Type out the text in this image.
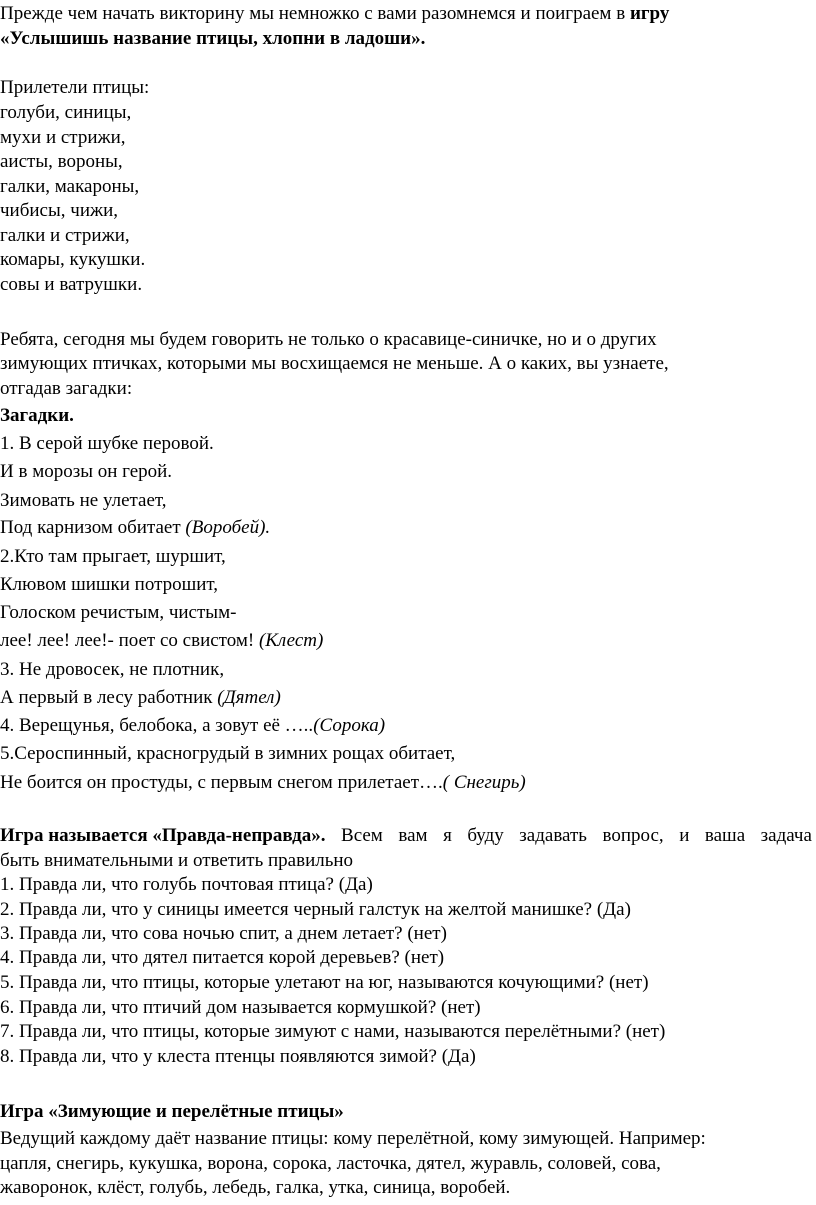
Прежде чем начать викторину мы немножко с вами разомнемся и поиграем в игру
«Услышишь название птицы, хлопни в ладоши».
Прилетели птицы:
голуби, синицы,
мухи и стрижи,
аисты, вороны,
галки, макароны,
чибисы, чижи,
галки и стрижи,
комары, кукушки.
совы и ватрушки.
Ребята, сегодня мы будем говорить не только о красавице-синичке, но и о других
зимующих птичках, которыми мы восхищаемся не меньше. А о каких, вы узнаете,
отгадав загадки:
Загадки.
1. В серой шубке перовой.
И в морозы он герой.
Зимовать не улетает,
Под карнизом обитает (Воробей).
2.Кто там прыгает, шуршит,
Клювом шишки потрошит,
Голоском речистым, чистым-
лее! лее! лее!- поет со свистом! (Клест)
3. Не дровосек, не плотник,
А первый в лесу работник (Дятел)
4. Верещунья, белобока, а зовут её …..(Сорока)
5.Сероспинный, красногрудый в зимних рощах обитает,
Не боится он простуды, с первым снегом прилетает….( Снегирь)
Игра называется «Правда-неправда». Всем вам я буду задавать вопрос, и ваша задача
быть внимательными и ответить правильно
1. Правда ли, что голубь почтовая птица? (Да)
2. Правда ли, что у синицы имеется черный галстук на желтой манишке? (Да)
3. Правда ли, что сова ночью спит, а днем летает? (нет)
4. Правда ли, что дятел питается корой деревьев? (нет)
5. Правда ли, что птицы, которые улетают на юг, называются кочующими? (нет)
6. Правда ли, что птичий дом называется кормушкой? (нет)
7. Правда ли, что птицы, которые зимуют с нами, называются перелётными? (нет)
8. Правда ли, что у клеста птенцы появляются зимой? (Да)
Игра «Зимующие и перелётные птицы»
Ведущий каждому даёт название птицы: кому перелётной, кому зимующей. Например:
цапля, снегирь, кукушка, ворона, сорока, ласточка, дятел, журавль, соловей, сова,
жаворонок, клёст, голубь, лебедь, галка, утка, синица, воробей.
